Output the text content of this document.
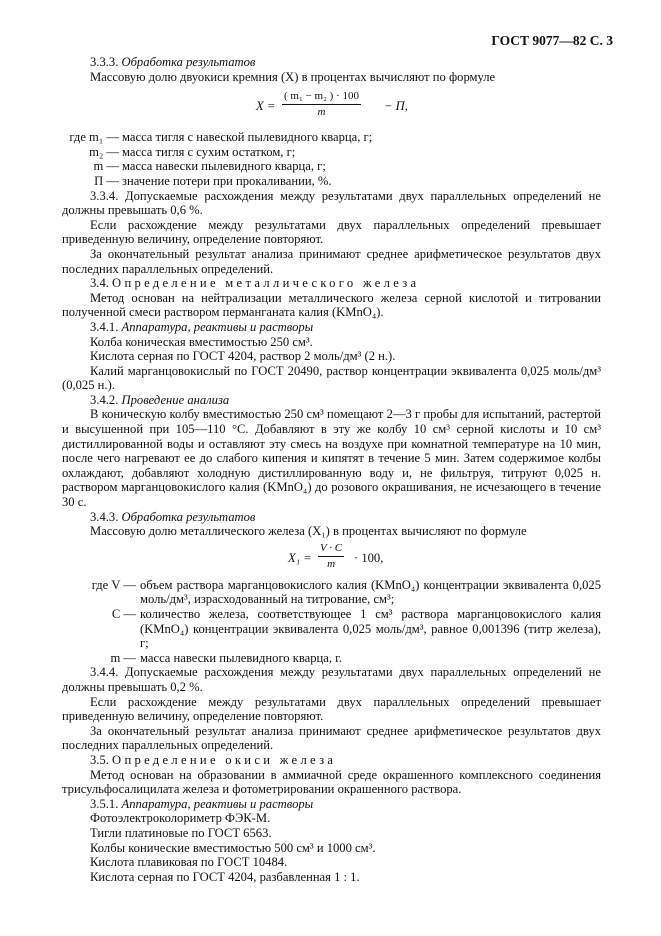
ГОСТ 9077—82 С. 3

3.3.3. Обработка результатов

Массовую долю двуокиси кремния (X) в процентах вычисляют по формуле

$X = \frac{\text{( m₁ − m₂ ) · 100}}{m} - П$,
где m₁ — масса тигля с навеской пылевидного кварца, г;
m₂ — масса тигля с сухим остатком, г;
m — масса навески пылевидного кварца, г;
П — значение потери при прокаливании, %.

3.3.4. Допускаемые расхождения между результатами двух параллельных определений не должны превышать 0,6 %.

Если расхождение между результатами двух параллельных определений превышает приведенную величину, определение повторяют.

За окончательный результат анализа принимают среднее арифметическое результатов двух последних параллельных определений.

3.4. Определение металлического железа

Метод основан на нейтрализации металлического железа серной кислотой и титровании полученной смеси раствором перманганата калия (KMnO₄).

3.4.1. Аппаратура, реактивы и растворы

Колба коническая вместимостью 250 см³.

Кислота серная по ГОСТ 4204, раствор 2 моль/дм³ (2 н.).

Калий марганцовокислый по ГОСТ 20490, раствор концентрации эквивалента 0,025 моль/дм³ (0,025 н.).

3.4.2. Проведение анализа

В коническую колбу вместимостью 250 см³ помещают 2—3 г пробы для испытаний, растертой и высушенной при 105—110 °С. Добавляют в эту же колбу 10 см³ серной кислоты и 10 см³ дистиллированной воды и оставляют эту смесь на воздухе при комнатной температуре на 10 мин, после чего нагревают ее до слабого кипения и кипятят в течение 5 мин. Затем содержимое колбы охлаждают, добавляют холодную дистиллированную воду и, не фильтруя, титруют 0,025 н. раствором марганцовокислого калия (KMnO₄) до розового окрашивания, не исчезающего в течение 30 с.

3.4.3. Обработка результатов

Массовую долю металлического железа (X₁) в процентах вычисляют по формуле

$X_1 = \frac{V \cdot C}{m} \cdot 100$,
где V — объем раствора марганцовокислого калия (KMnO₄) концентрации эквивалента 0,025 моль/дм³, израсходованный на титрование, см³;

C — количество железа, соответствующее 1 см³ раствора марганцовокислого калия (KMnO₄) концентрации эквивалента 0,025 моль/дм³, равное 0,001396 (титр железа), г;

m — масса навески пылевидного кварца, г.

3.4.4. Допускаемые расхождения между результатами двух параллельных определений не должны превышать 0,2 %.

Если расхождение между результатами двух параллельных определений превышает приведенную величину, определение повторяют.

За окончательный результат анализа принимают среднее арифметическое результатов двух последних параллельных определений.

3.5. Определение окиси железа

Метод основан на образовании в аммиачной среде окрашенного комплексного соединения трисульфосалицилата железа и фотометрировании окрашенного раствора.

3.5.1. Аппаратура, реактивы и растворы

Фотоэлектроколориметр ФЭК-М.

Тигли платиновые по ГОСТ 6563.

Колбы конические вместимостью 500 см³ и 1000 см³.

Кислота плавиковая по ГОСТ 10484.

Кислота серная по ГОСТ 4204, разбавленная 1 : 1.
